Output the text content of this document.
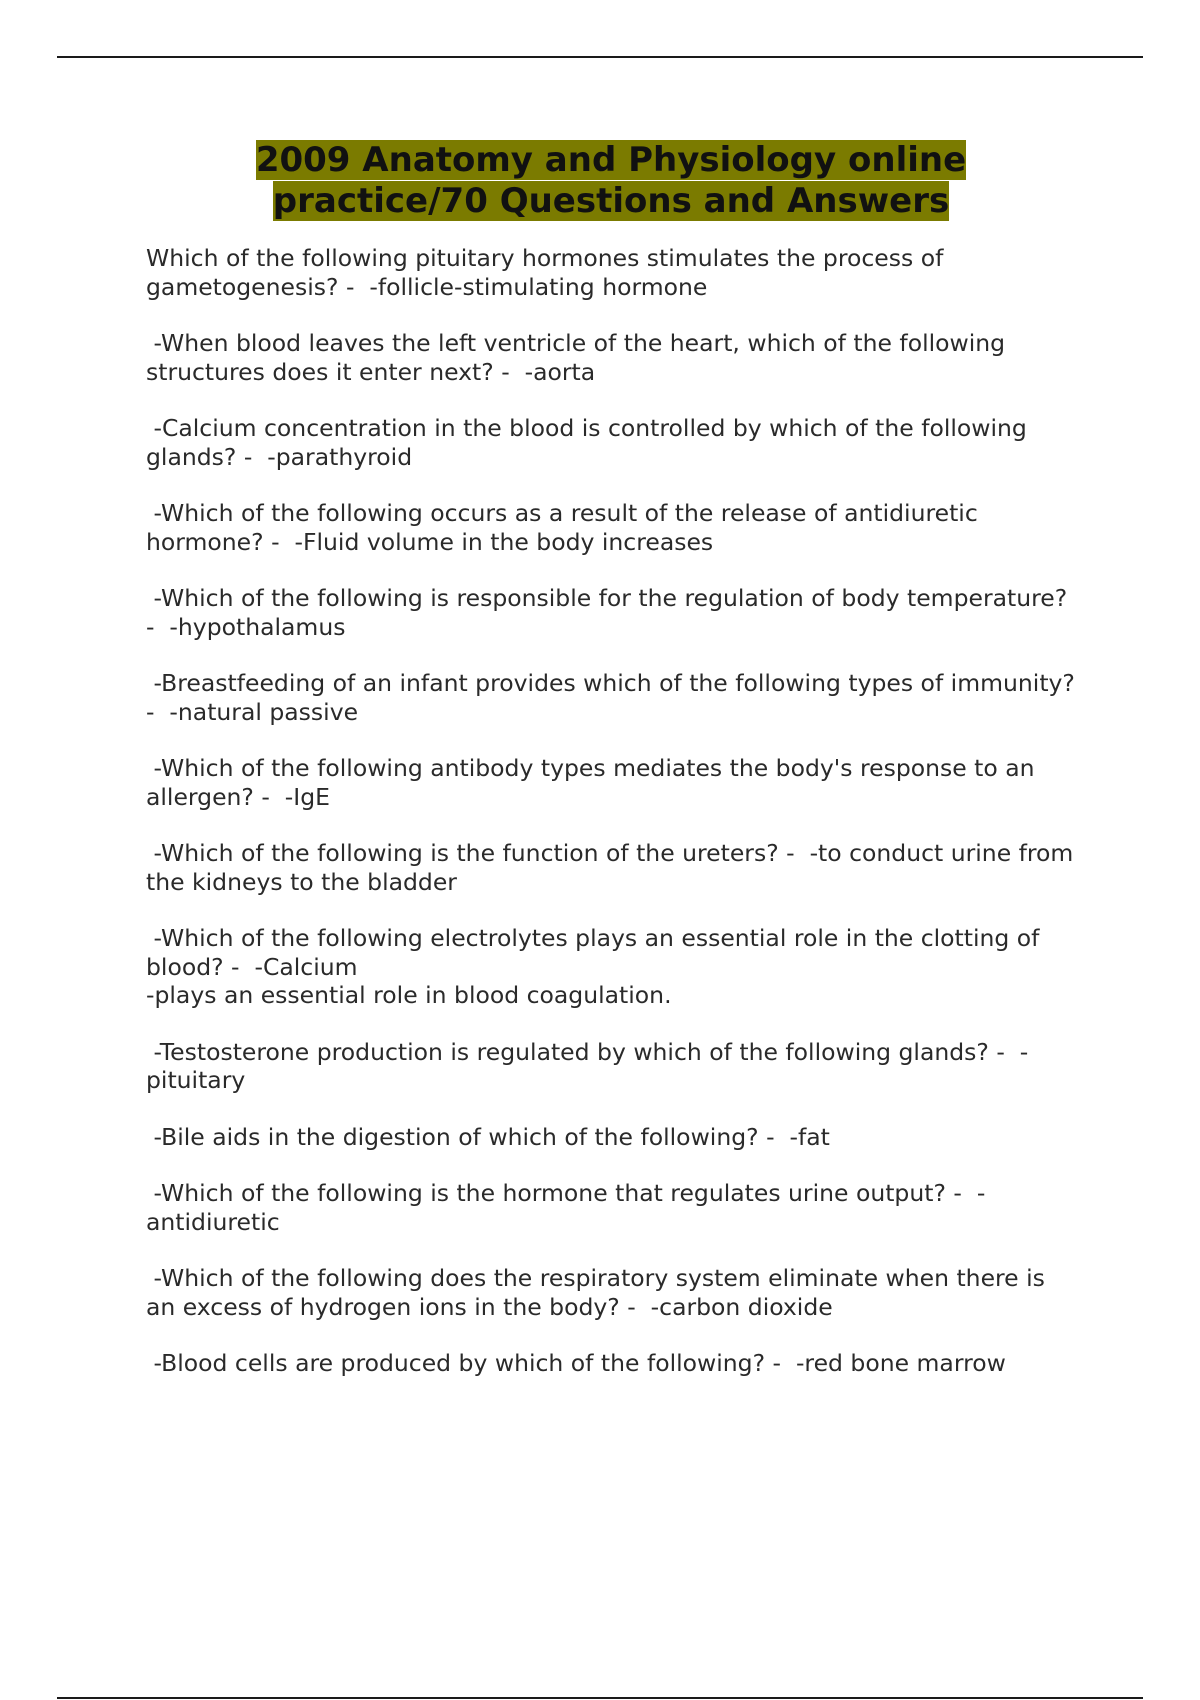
2009 Anatomy and Physiology online
practice/70 Questions and Answers

Which of the following pituitary hormones stimulates the process of gametogenesis? -  -follicle-stimulating hormone

-When blood leaves the left ventricle of the heart, which of the following structures does it enter next? -  -aorta

-Calcium concentration in the blood is controlled by which of the following glands? -  -parathyroid

-Which of the following occurs as a result of the release of antidiuretic hormone? -  -Fluid volume in the body increases

-Which of the following is responsible for the regulation of body temperature? -  -hypothalamus

-Breastfeeding of an infant provides which of the following types of immunity? -  -natural passive

-Which of the following antibody types mediates the body's response to an allergen? -  -IgE

-Which of the following is the function of the ureters? -  -to conduct urine from the kidneys to the bladder

-Which of the following electrolytes plays an essential role in the clotting of blood? -  -Calcium
-plays an essential role in blood coagulation.

-Testosterone production is regulated by which of the following glands? -  -pituitary

-Bile aids in the digestion of which of the following? -  -fat

-Which of the following is the hormone that regulates urine output? -  -antidiuretic

-Which of the following does the respiratory system eliminate when there is an excess of hydrogen ions in the body? -  -carbon dioxide

-Blood cells are produced by which of the following? -  -red bone marrow
